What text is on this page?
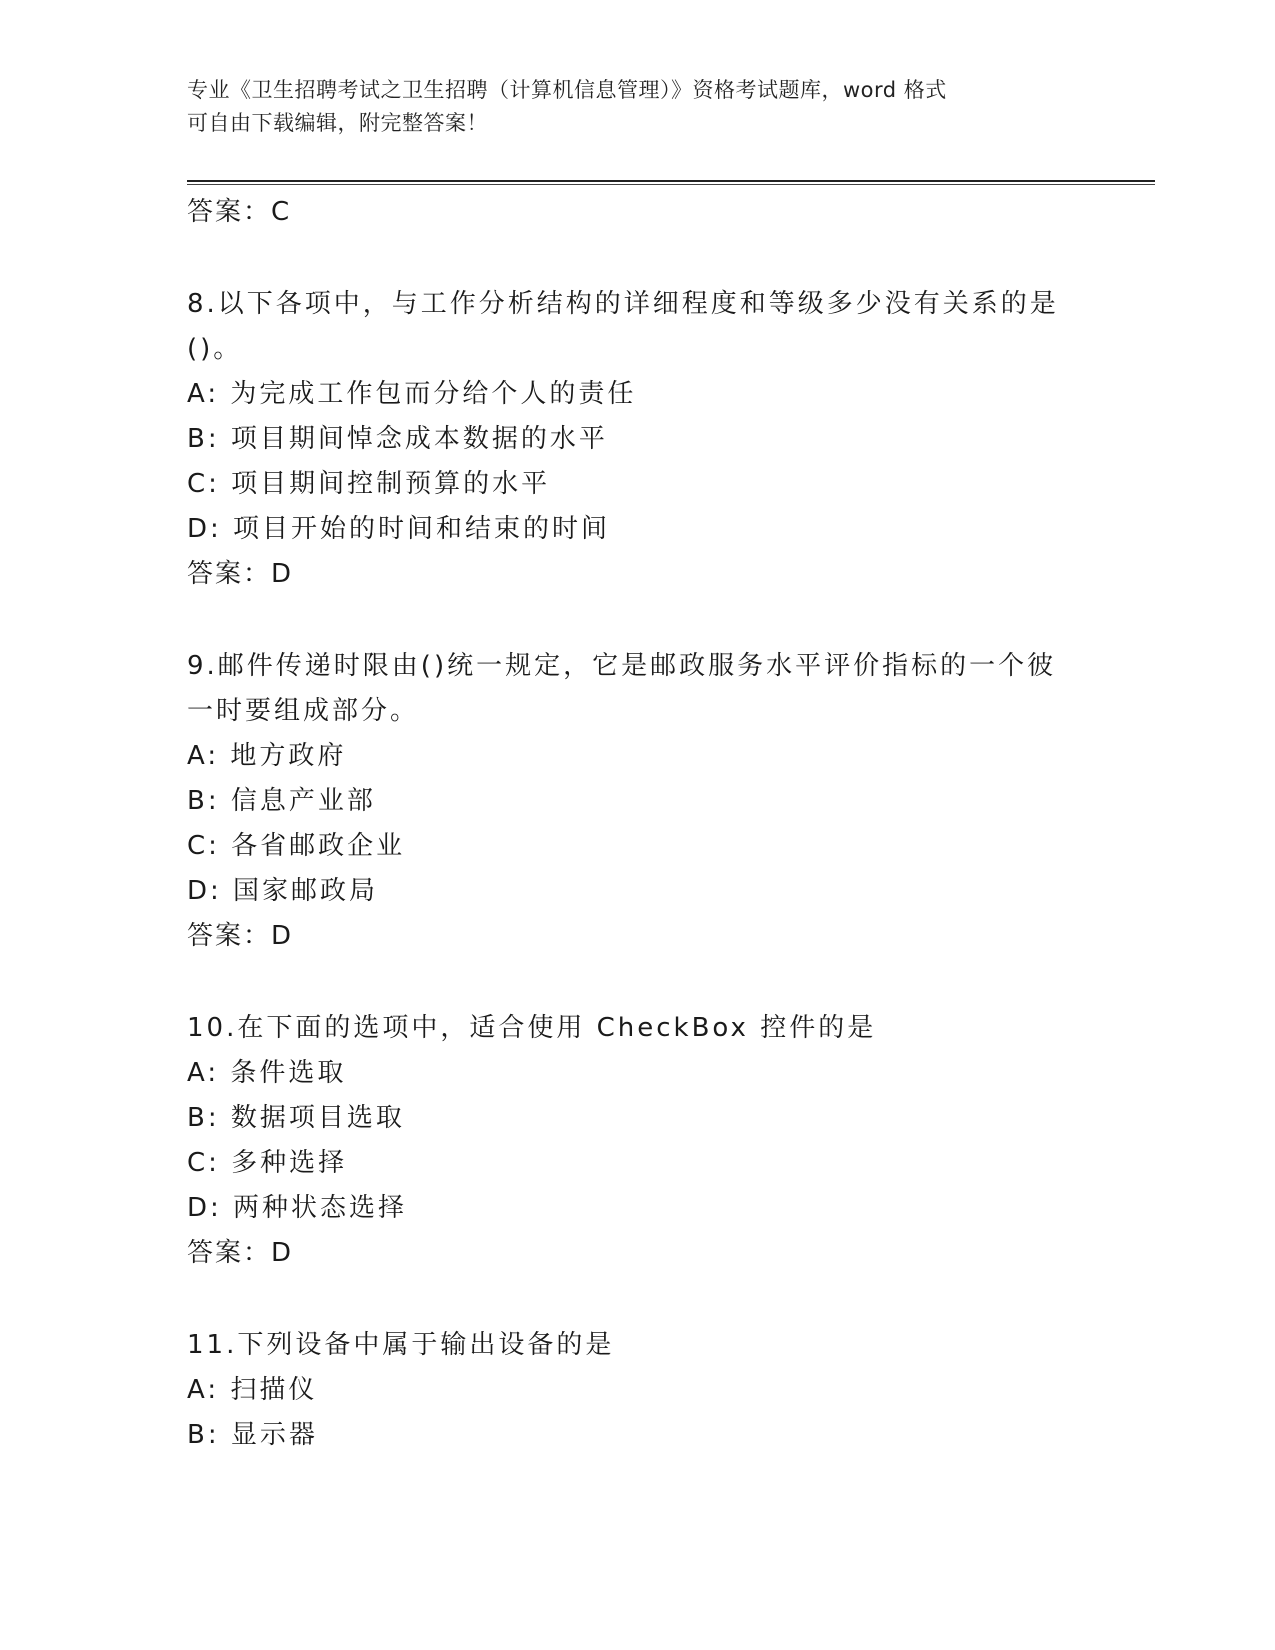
专业《卫生招聘考试之卫生招聘（计算机信息管理）》资格考试题库，word 格式
可自由下载编辑，附完整答案！
答案：C
8.以下各项中，与工作分析结构的详细程度和等级多少没有关系的是
()。
A: 为完成工作包而分给个人的责任
B: 项目期间悼念成本数据的水平
C: 项目期间控制预算的水平
D: 项目开始的时间和结束的时间
答案：D
9.邮件传递时限由()统一规定，它是邮政服务水平评价指标的一个彼
一时要组成部分。
A: 地方政府
B: 信息产业部
C: 各省邮政企业
D: 国家邮政局
答案：D
10.在下面的选项中，适合使用 CheckBox 控件的是
A: 条件选取
B: 数据项目选取
C: 多种选择
D: 两种状态选择
答案：D
11.下列设备中属于输出设备的是
A: 扫描仪
B: 显示器
